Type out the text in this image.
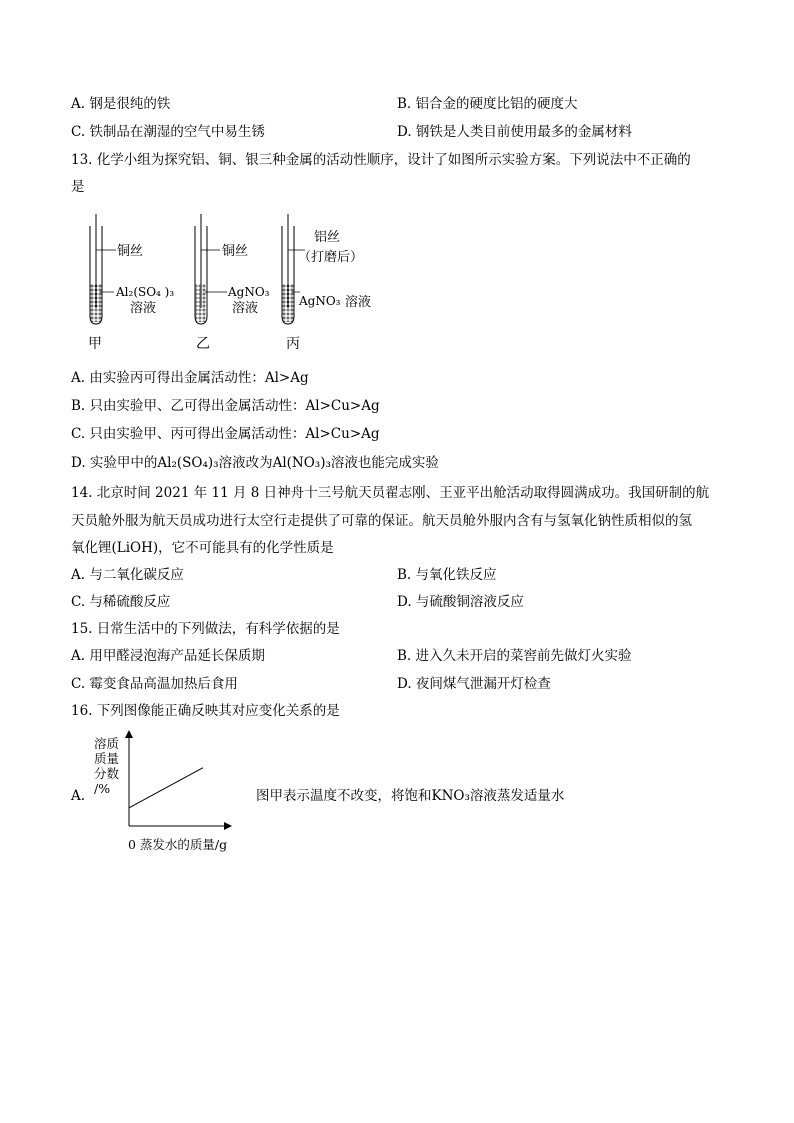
A. 钢是很纯的铁	B. 铝合金的硬度比铝的硬度大
C. 铁制品在潮湿的空气中易生锈	D. 钢铁是人类目前使用最多的金属材料
13. 化学小组为探究铝、铜、银三种金属的活动性顺序，设计了如图所示实验方案。下列说法中不正确的
是
铜丝
Al₂(SO₄ )₃
溶液
甲
铜丝
AgNO₃
溶液
乙
铝丝
（打磨后）
AgNO₃ 溶液
丙
A. 由实验丙可得出金属活动性：Al>Ag
B. 只由实验甲、乙可得出金属活动性：Al>Cu>Ag
C. 只由实验甲、丙可得出金属活动性：Al>Cu>Ag
D. 实验甲中的Al₂(SO₄)₃溶液改为Al(NO₃)₃溶液也能完成实验
14. 北京时间 2021 年 11 月 8 日神舟十三号航天员翟志刚、王亚平出舱活动取得圆满成功。我国研制的航
天员舱外服为航天员成功进行太空行走提供了可靠的保证。航天员舱外服内含有与氢氧化钠性质相似的氢
氧化锂(LiOH)，它不可能具有的化学性质是
A. 与二氧化碳反应	B. 与氧化铁反应
C. 与稀硫酸反应	D. 与硫酸铜溶液反应
15. 日常生活中的下列做法，有科学依据的是
A. 用甲醛浸泡海产品延长保质期	B. 进入久未开启的菜窖前先做灯火实验
C. 霉变食品高温加热后食用	D. 夜间煤气泄漏开灯检查
16. 下列图像能正确反映其对应变化关系的是
A.
溶质
质量
分数
/%
0 蒸发水的质量/g
图甲表示温度不改变，将饱和KNO₃溶液蒸发适量水
